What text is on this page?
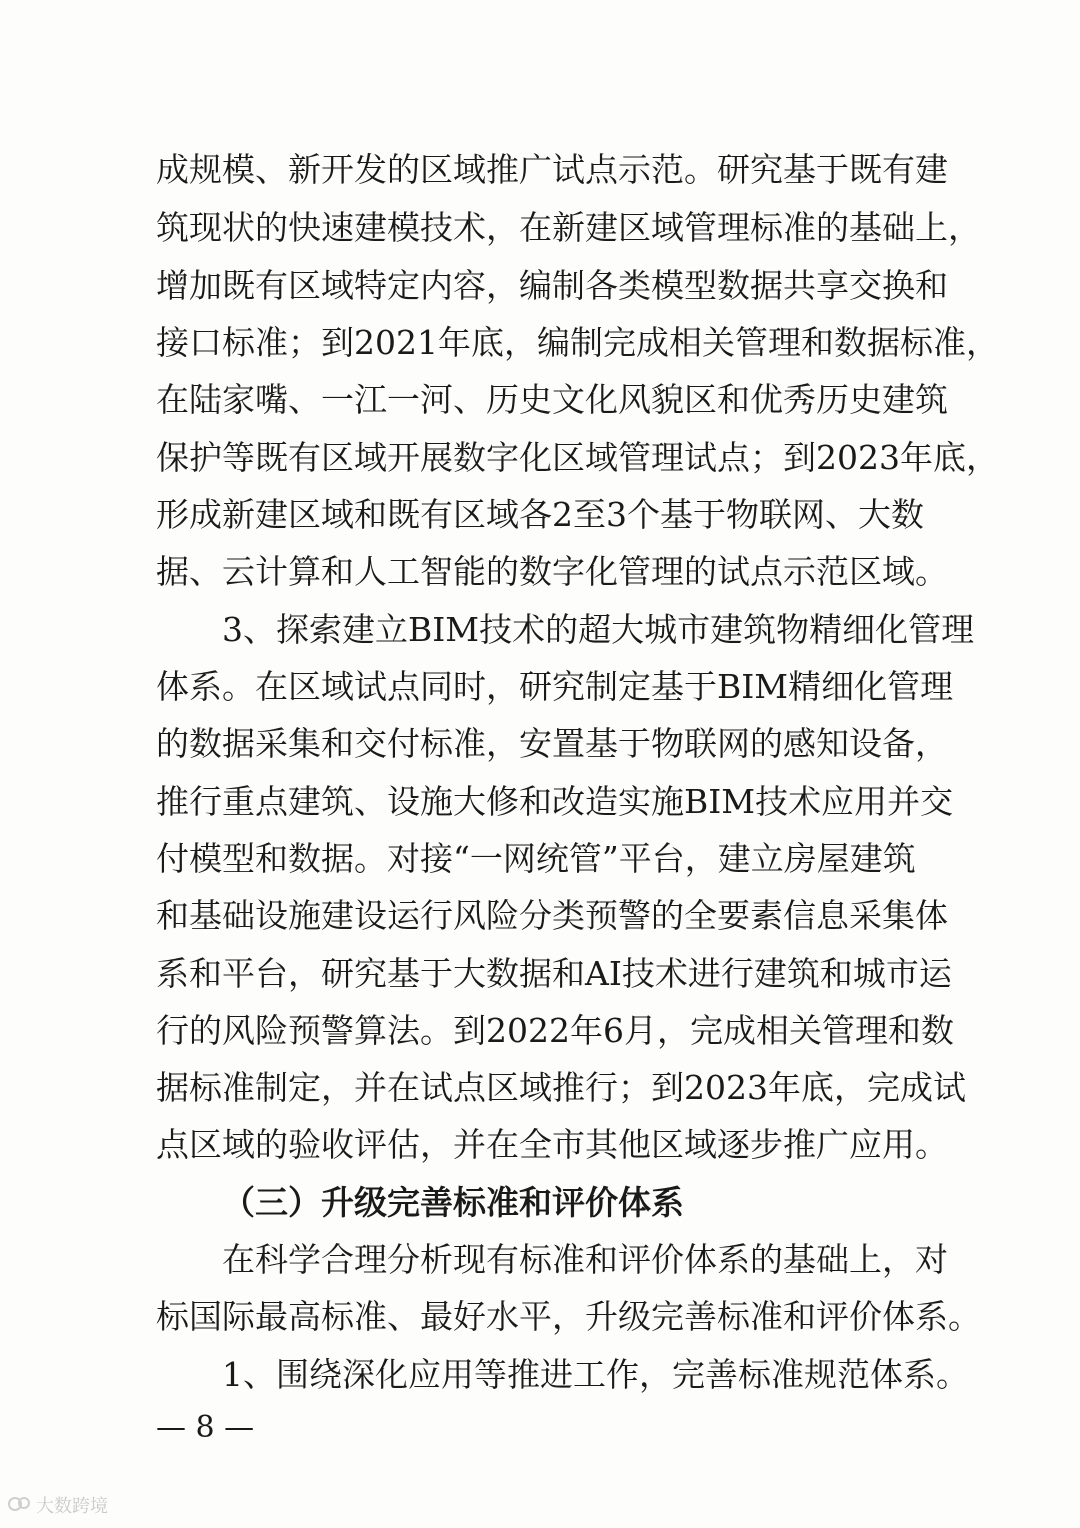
成规模、新开发的区域推广试点示范。研究基于既有建
筑现状的快速建模技术，在新建区域管理标准的基础上，
增加既有区域特定内容，编制各类模型数据共享交换和
接口标准；到2021年底，编制完成相关管理和数据标准，
在陆家嘴、一江一河、历史文化风貌区和优秀历史建筑
保护等既有区域开展数字化区域管理试点；到2023年底，
形成新建区域和既有区域各2至3个基于物联网、大数
据、云计算和人工智能的数字化管理的试点示范区域。
3、探索建立BIM技术的超大城市建筑物精细化管理
体系。在区域试点同时，研究制定基于BIM精细化管理
的数据采集和交付标准，安置基于物联网的感知设备，
推行重点建筑、设施大修和改造实施BIM技术应用并交
付模型和数据。对接“一网统管”平台，建立房屋建筑
和基础设施建设运行风险分类预警的全要素信息采集体
系和平台，研究基于大数据和AI技术进行建筑和城市运
行的风险预警算法。到2022年6月，完成相关管理和数
据标准制定，并在试点区域推行；到2023年底，完成试
点区域的验收评估，并在全市其他区域逐步推广应用。
（三）升级完善标准和评价体系
在科学合理分析现有标准和评价体系的基础上，对
标国际最高标准、最好水平，升级完善标准和评价体系。
1、围绕深化应用等推进工作，完善标准规范体系。
— 8 —
大数跨境
